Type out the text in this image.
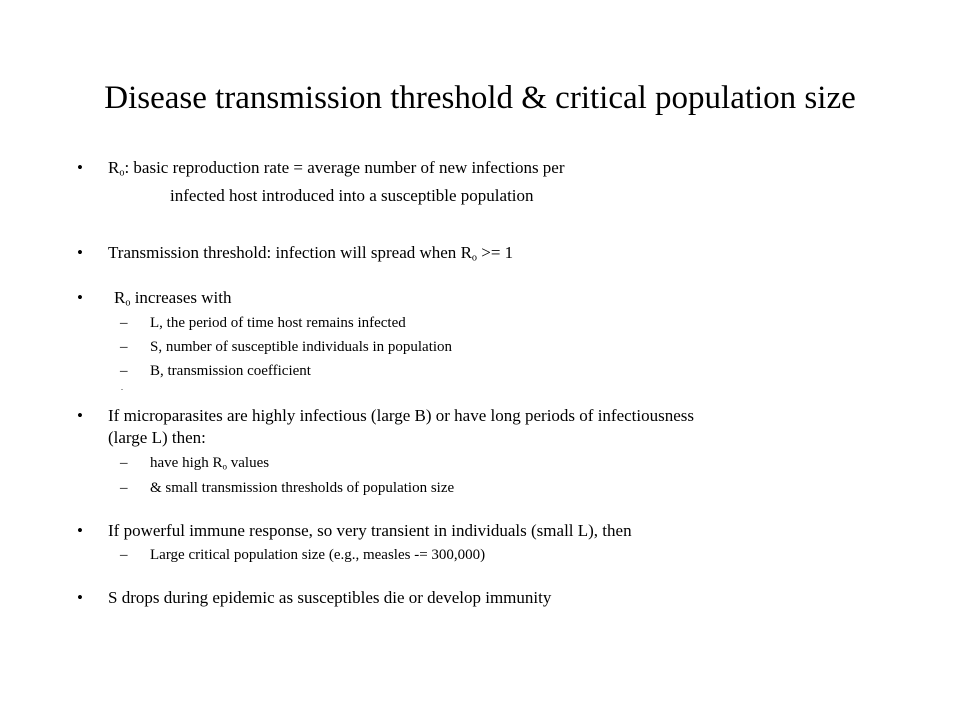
Disease transmission threshold & critical population size
• $R_o$: basic reproduction rate = average number of new infections per
infected host introduced into a susceptible population
• Transmission threshold: infection will spread when $R_o >= 1$
• $R_o$ increases with
– L, the period of time host remains infected
– S, number of susceptible individuals in population
– B, transmission coefficient
.
• If microparasites are highly infectious (large B) or have long periods of infectiousness
(large L) then:
– have high $R_o$ values
– & small transmission thresholds of population size
• If powerful immune response, so very transient in individuals (small L), then
– Large critical population size (e.g., measles -= 300,000)
• S drops during epidemic as susceptibles die or develop immunity
